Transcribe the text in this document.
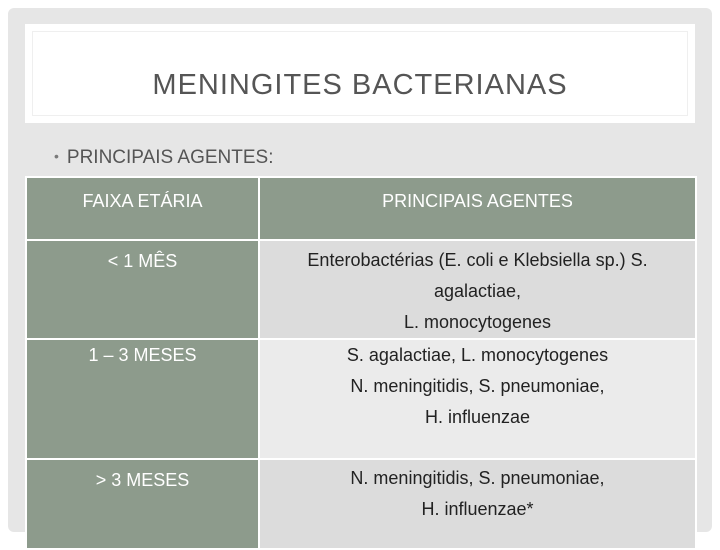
MENINGITES BACTERIANAS
• PRINCIPAIS AGENTES:
FAIXA ETÁRIA	PRINCIPAIS AGENTES
< 1 MÊS	Enterobactérias (E. coli e Klebsiella sp.) S.
agalactiae,
L. monocytogenes

1 – 3 MESES	S. agalactiae, L. monocytogenes
N. meningitidis, S. pneumoniae,
H. influenzae

> 3 MESES	N. meningitidis, S. pneumoniae,
H. influenzae*
